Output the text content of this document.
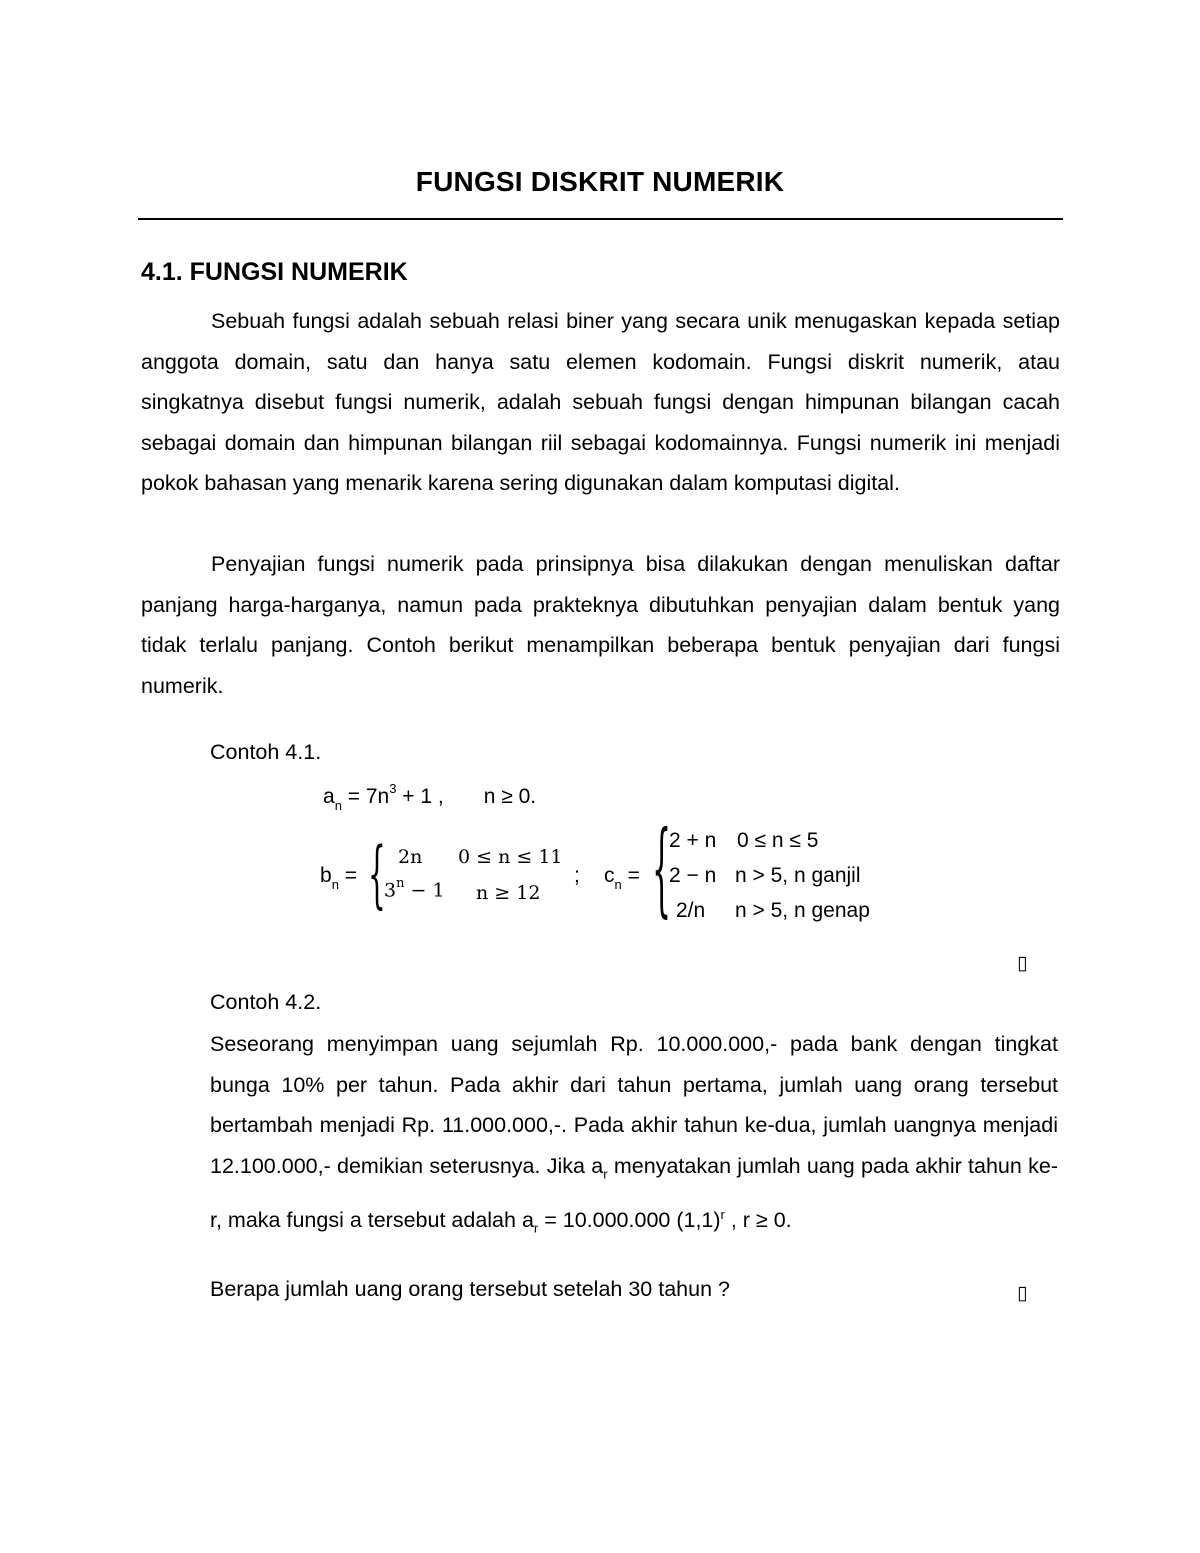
FUNGSI DISKRIT NUMERIK
4.1. FUNGSI NUMERIK

Sebuah fungsi adalah sebuah relasi biner yang secara unik menugaskan kepada setiap anggota domain, satu dan hanya satu elemen kodomain. Fungsi diskrit numerik, atau singkatnya disebut fungsi numerik, adalah sebuah fungsi dengan himpunan bilangan cacah sebagai domain dan himpunan bilangan riil sebagai kodomainnya. Fungsi numerik ini menjadi pokok bahasan yang menarik karena sering digunakan dalam komputasi digital.

Penyajian fungsi numerik pada prinsipnya bisa dilakukan dengan menuliskan daftar panjang harga-harganya, namun pada prakteknya dibutuhkan penyajian dalam bentuk yang tidak terlalu panjang. Contoh berikut menampilkan beberapa bentuk penyajian dari fungsi numerik.

Contoh 4.1.
$a_n = 7n^3 + 1$ , n ≥ 0.
$b_n$ = { 2n 0 ≤ n ≤ 11
$3^n - 1$ n ≥ 12
; $c_n$ = {
2 + n 0 ≤ n ≤ 5
2 − n n > 5, n ganjil
2/n n > 5, n genap
▯
Contoh 4.2.

Seseorang menyimpan uang sejumlah Rp. 10.000.000,- pada bank dengan tingkat bunga 10% per tahun. Pada akhir dari tahun pertama, jumlah uang orang tersebut bertambah menjadi Rp. 11.000.000,-. Pada akhir tahun ke-dua, jumlah uangnya menjadi 12.100.000,- demikian seterusnya. Jika $a_r$ menyatakan jumlah uang pada akhir tahun ke-r, maka fungsi a tersebut adalah $a_r = 10.000.000$ $(1,1)^r$ , r ≥ 0.

Berapa jumlah uang orang tersebut setelah 30 tahun ?	▯
